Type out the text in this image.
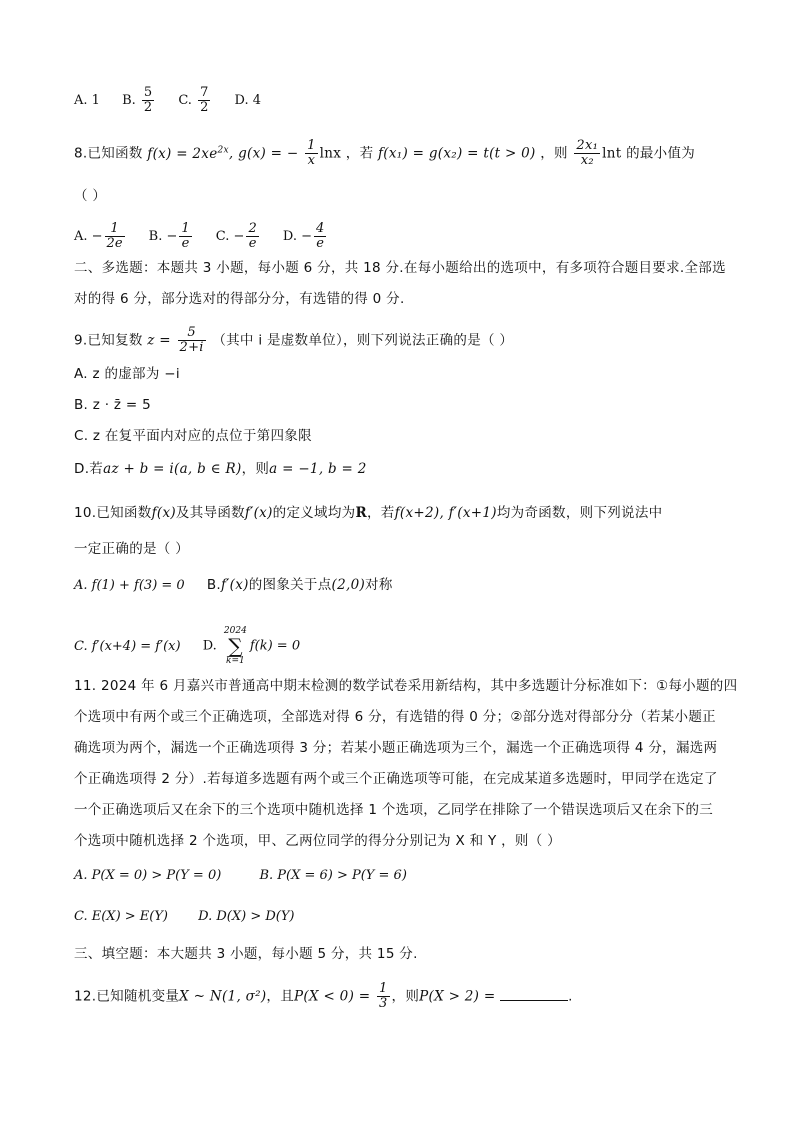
A. 1 B. $\frac{5}{2} C$. $\frac{7}{2} D$. 4
8.已知函数 $f(x) = 2xe^{2x}$, g(x) = − $\frac{1}{x}$ lnx ，若 f(x₁) = g(x₂) = t(t > 0) ，则 $\frac{\text{2x₁}}{\text{x₂}}$ lnt 的最小值为
（ ）
A. − $\frac{1}{2e} B$. − $\frac{1}{e} C$. − $\frac{2}{e} D$. − $\frac{4}{e}$
二、多选题：本题共 3 小题，每小题 6 分，共 18 分.在每小题给出的选项中，有多项符合题目要求.全部选
对的得 6 分，部分选对的得部分分，有选错的得 0 分.
9.已知复数 $z = \frac{5}{2+i}$ （其中 i 是虚数单位），则下列说法正确的是（ ）
A. z 的虚部为 −i
B. z · z̄ = 5
C. z 在复平面内对应的点位于第四象限
D.若az + b = i(a, b ∈ R)，则a = −1, b = 2
10.已知函数f(x)及其导函数f′(x)的定义域均为R，若f(x+2), f′(x+1)均为奇函数，则下列说法中
一定正确的是（ ）
A. f(1) + f(3) = 0 B.f′(x)的图象关于点(2,0)对称
C. f′(x+4) = f′(x) D.
2024
∑
k=1
f(k) = 0
11. 2024 年 6 月嘉兴市普通高中期末检测的数学试卷采用新结构，其中多选题计分标准如下：①每小题的四
个选项中有两个或三个正确选项，全部选对得 6 分，有选错的得 0 分；②部分选对得部分分（若某小题正
确选项为两个，漏选一个正确选项得 3 分；若某小题正确选项为三个，漏选一个正确选项得 4 分，漏选两
个正确选项得 2 分）.若每道多选题有两个或三个正确选项等可能，在完成某道多选题时，甲同学在选定了
一个正确选项后又在余下的三个选项中随机选择 1 个选项，乙同学在排除了一个错误选项后又在余下的三
个选项中随机选择 2 个选项，甲、乙两位同学的得分分别记为 X 和 Y ，则（ ）
A. P(X = 0) > P(Y = 0)	B. P(X = 6) > P(Y = 6)
C. E(X) > E(Y) D. D(X) > D(Y)
三、填空题：本大题共 3 小题，每小题 5 分，共 15 分.
12.已知随机变量X ~ N(1, σ²)，且$P(X < 0) = \frac{1}{3}$ ，则P(X > 2) =	.
